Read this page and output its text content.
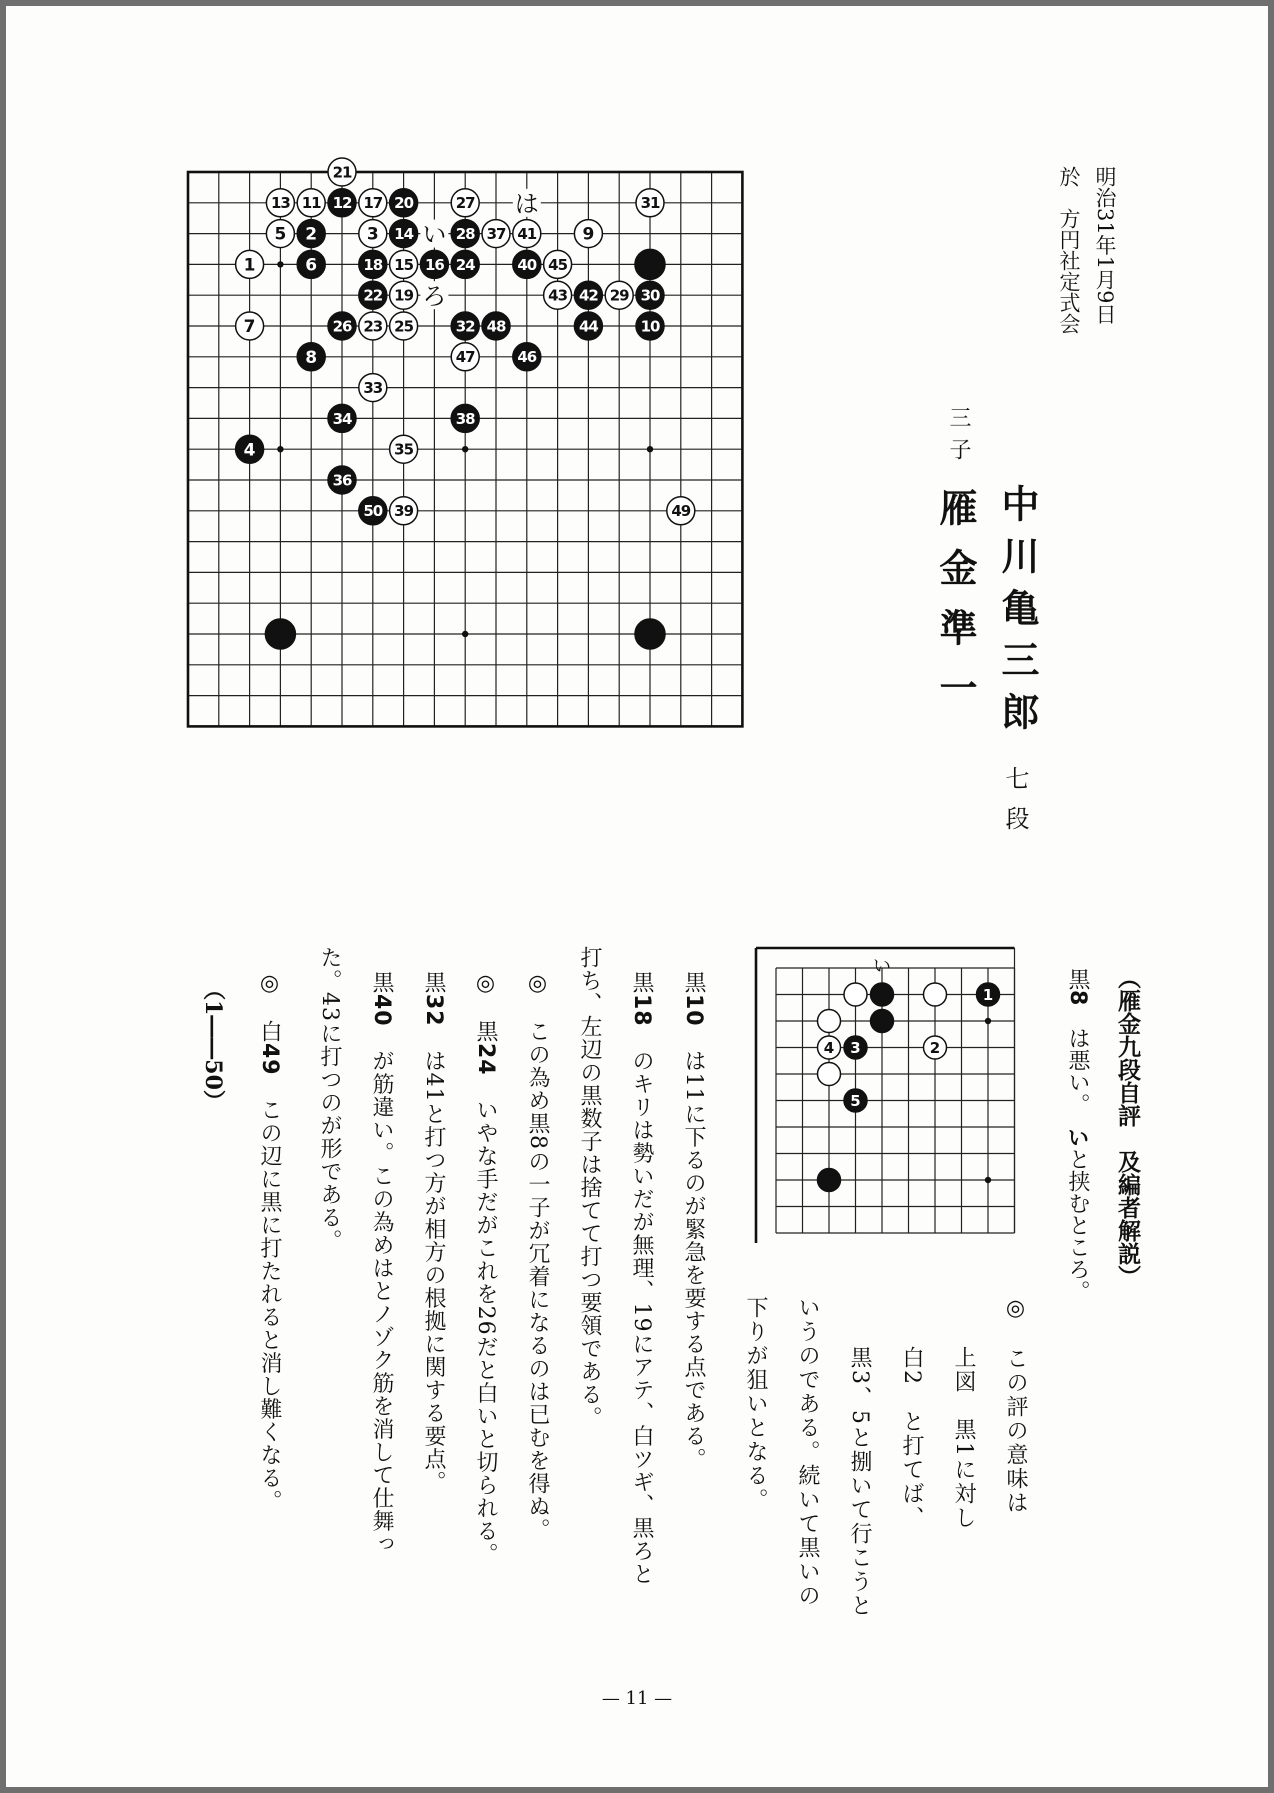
1
2	3
4
5
6
7
8
9
10
11 12
13
14
15 16
17
18
19
20
21
22
23
24
25
26
27
28
29 30
31
32
33
34
35
36
37
38
39
40
41
42
43
44
45
46
47
48
49
50
は
い
ろ	明治31年1月9日
於　方円社定式会
中川亀三郎
七段
三子
雁金準一
（雁金九段自評　及編者解説）
黒8　は悪い。　いと挟むところ。
1
4 3	2
5
い
◎　この評の意味は
上図　黒1に対し
白2　と打てば、
黒3、5と捌いて行こうと
いうのである。続いて黒いの
下りが狙いとなる。
黒10　は11に下るのが緊急を要する点である。
黒18　のキリは勢いだが無理、19にアテ、白ツギ、黒ろと
打ち、左辺の黒数子は捨てて打つ要領である。
◎　この為め黒8の一子が冗着になるのは已むを得ぬ。
◎　黒24　いやな手だがこれを26だと白いと切られる。
黒32　は41と打つ方が相方の根拠に関する要点。
黒40　が筋違い。この為めはとノゾク筋を消して仕舞っ
た。43に打つのが形である。
◎　白49　この辺に黒に打たれると消し難くなる。
（1――50）
— 11 —
